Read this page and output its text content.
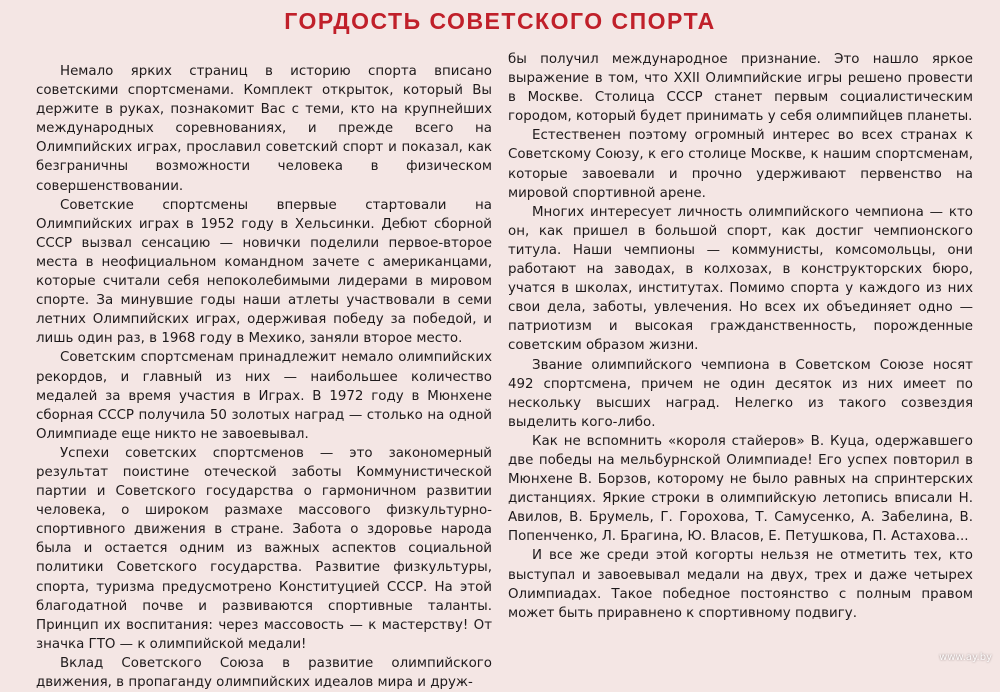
ГОРДОСТЬ СОВЕТСКОГО СПОРТА

Немало ярких страниц в историю спорта вписано советскими спортсменами. Комплект открыток, который Вы держите в руках, познакомит Вас с теми, кто на крупнейших международных соревнованиях, и прежде всего на Олимпийских играх, прославил советский спорт и показал, как безграничны возможности человека в физическом совершенствовании.

Советские спортсмены впервые стартовали на Олимпийских играх в 1952 году в Хельсинки. Дебют сборной СССР вызвал сенсацию — новички поделили первое-второе места в неофициальном командном зачете с американцами, которые считали себя непоколебимыми лидерами в мировом спорте. За минувшие годы наши атлеты участвовали в семи летних Олимпийских играх, одерживая победу за победой, и лишь один раз, в 1968 году в Мехико, заняли второе место.

Советским спортсменам принадлежит немало олимпийских рекордов, и главный из них — наибольшее количество медалей за время участия в Играх. В 1972 году в Мюнхене сборная СССР получила 50 золотых наград — столько на одной Олимпиаде еще никто не завоевывал.

Успехи советских спортсменов — это закономерный результат поистине отеческой заботы Коммунистической партии и Советского государства о гармоничном развитии человека, о широком размахе массового физкультурно-спортивного движения в стране. Забота о здоровье народа была и остается одним из важных аспектов социальной политики Советского государства. Развитие физкультуры, спорта, туризма предусмотрено Конституцией СССР. На этой благодатной почве и развиваются спортивные таланты. Принцип их воспитания: через массовость — к мастерству! От значка ГТО — к олимпийской медали!

Вклад Советского Союза в развитие олимпийского движения, в пропаганду олимпийских идеалов мира и друж-

бы получил международное признание. Это нашло яркое выражение в том, что XXII Олимпийские игры решено провести в Москве. Столица СССР станет первым социалистическим городом, который будет принимать у себя олимпийцев планеты.

Естественен поэтому огромный интерес во всех странах к Советскому Союзу, к его столице Москве, к нашим спортсменам, которые завоевали и прочно удерживают первенство на мировой спортивной арене.

Многих интересует личность олимпийского чемпиона — кто он, как пришел в большой спорт, как достиг чемпионского титула. Наши чемпионы — коммунисты, комсомольцы, они работают на заводах, в колхозах, в конструкторских бюро, учатся в школах, институтах. Помимо спорта у каждого из них свои дела, заботы, увлечения. Но всех их объединяет одно — патриотизм и высокая гражданственность, порожденные советским образом жизни.

Звание олимпийского чемпиона в Советском Союзе носят 492 спортсмена, причем не один десяток из них имеет по нескольку высших наград. Нелегко из такого созвездия выделить кого-либо.

Как не вспомнить «короля стайеров» В. Куца, одержавшего две победы на мельбурнской Олимпиаде! Его успех повторил в Мюнхене В. Борзов, которому не было равных на спринтерских дистанциях. Яркие строки в олимпийскую летопись вписали Н. Авилов, В. Брумель, Г. Горохова, Т. Самусенко, А. Забелина, В. Попенченко, Л. Брагина, Ю. Власов, Е. Петушкова, П. Астахова...

И все же среди этой когорты нельзя не отметить тех, кто выступал и завоевывал медали на двух, трех и даже четырех Олимпиадах. Такое победное постоянство с полным правом может быть приравнено к спортивному подвигу.

www.ay.by
